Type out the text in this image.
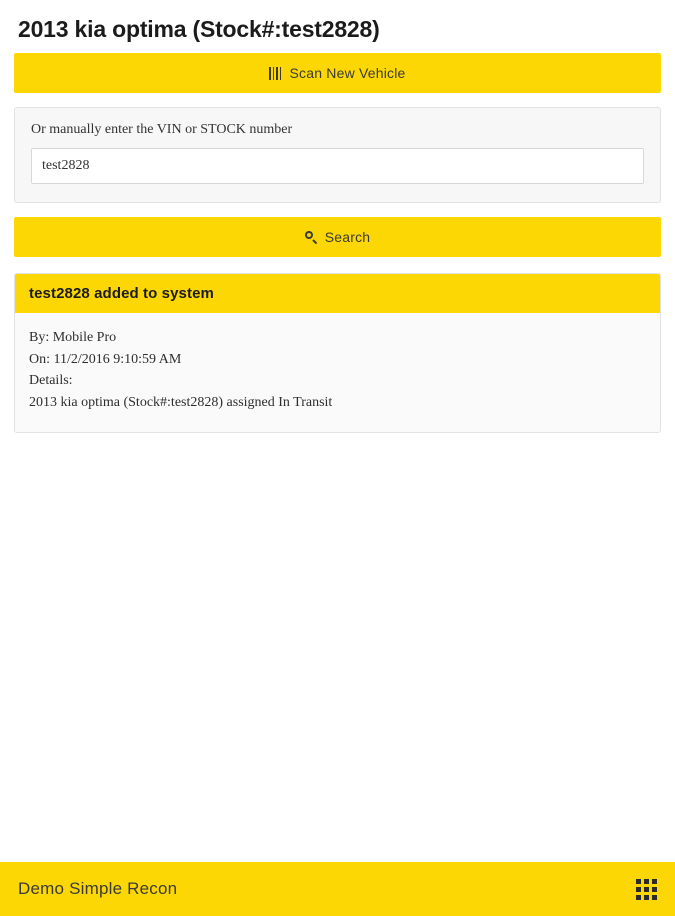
2013 kia optima (Stock#:test2828)
Scan New Vehicle
Or manually enter the VIN or STOCK number
test2828
Search
test2828 added to system
By: Mobile Pro
On: 11/2/2016 9:10:59 AM
Details:
2013 kia optima (Stock#:test2828) assigned In Transit
Demo Simple Recon
